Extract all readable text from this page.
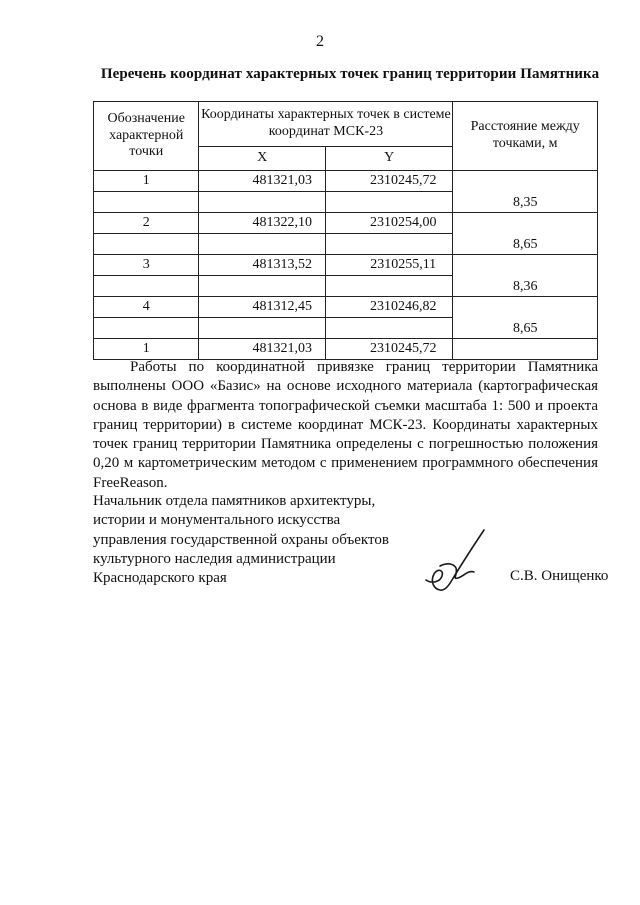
2
Перечень координат характерных точек границ территории Памятника
Обозначение характерной точки	Координаты характерных точек в системе координат МСК-23		Расстояние между точками, м
	X	Y	
1	481321,03	2310245,72	
			8,35
2	481322,10	2310254,00	
			8,65
3	481313,52	2310255,11	
			8,36
4	481312,45	2310246,82	
			8,65
1	481321,03	2310245,72	

Работы по координатной привязке границ территории Памятника выполнены ООО «Базис» на основе исходного материала (картографическая основа в виде фрагмента топографической съемки масштаба 1: 500 и проекта границ территории) в системе координат МСК-23. Координаты характерных точек границ территории Памятника определены с погрешностью положения 0,20 м картометрическим методом с применением программного обеспечения FreeReason.

Начальник отдела памятников архитектуры,
истории и монументального искусства
управления государственной охраны объектов
культурного наследия администрации
Краснодарского края	С.В. Онищенко
